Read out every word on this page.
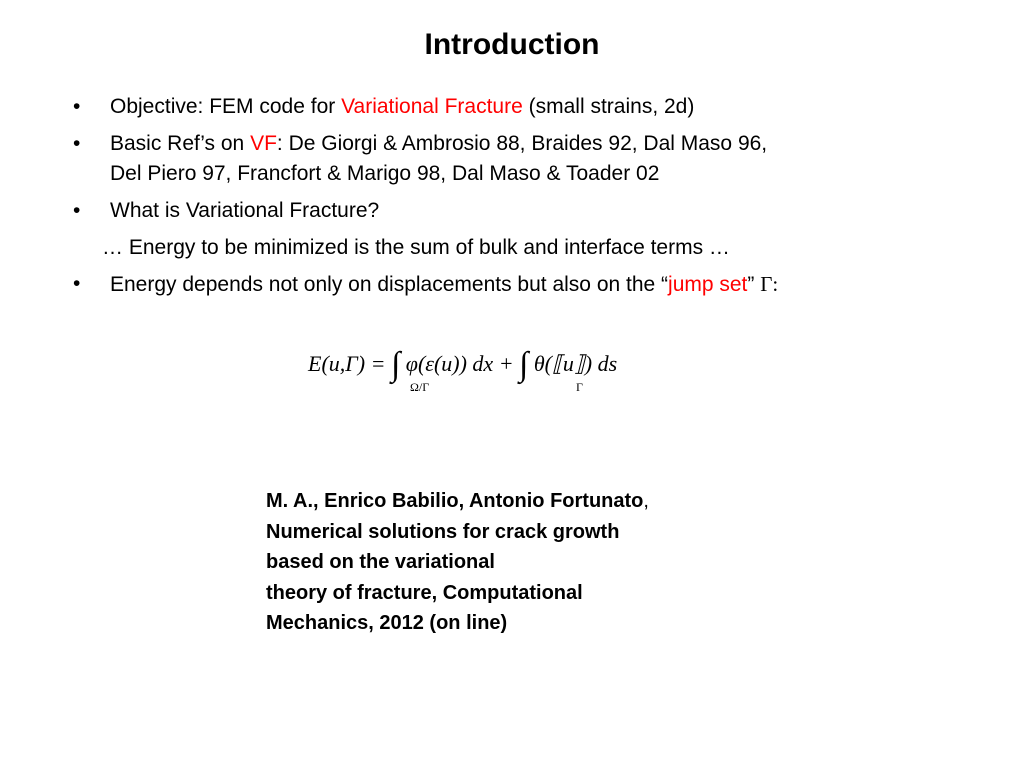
Introduction
•	Objective: FEM code for Variational Fracture (small strains, 2d)
•	Basic Ref’s on VF: De Giorgi & Ambrosio 88, Braides 92, Dal Maso 96,
Del Piero 97, Francfort & Marigo 98, Dal Maso & Toader 02
•	What is Variational Fracture?
… Energy to be minimized is the sum of bulk and interface terms …
•	Energy depends not only on displacements but also on the “jump set” Γ:
E(u,Γ) = ∫ φ(ε(u)) dx + ∫ θ(⟦u⟧) ds
Ω/Γ	Γ
M. A., Enrico Babilio, Antonio Fortunato,
Numerical solutions for crack growth
based on the variational
theory of fracture, Computational
Mechanics, 2012 (on line)
